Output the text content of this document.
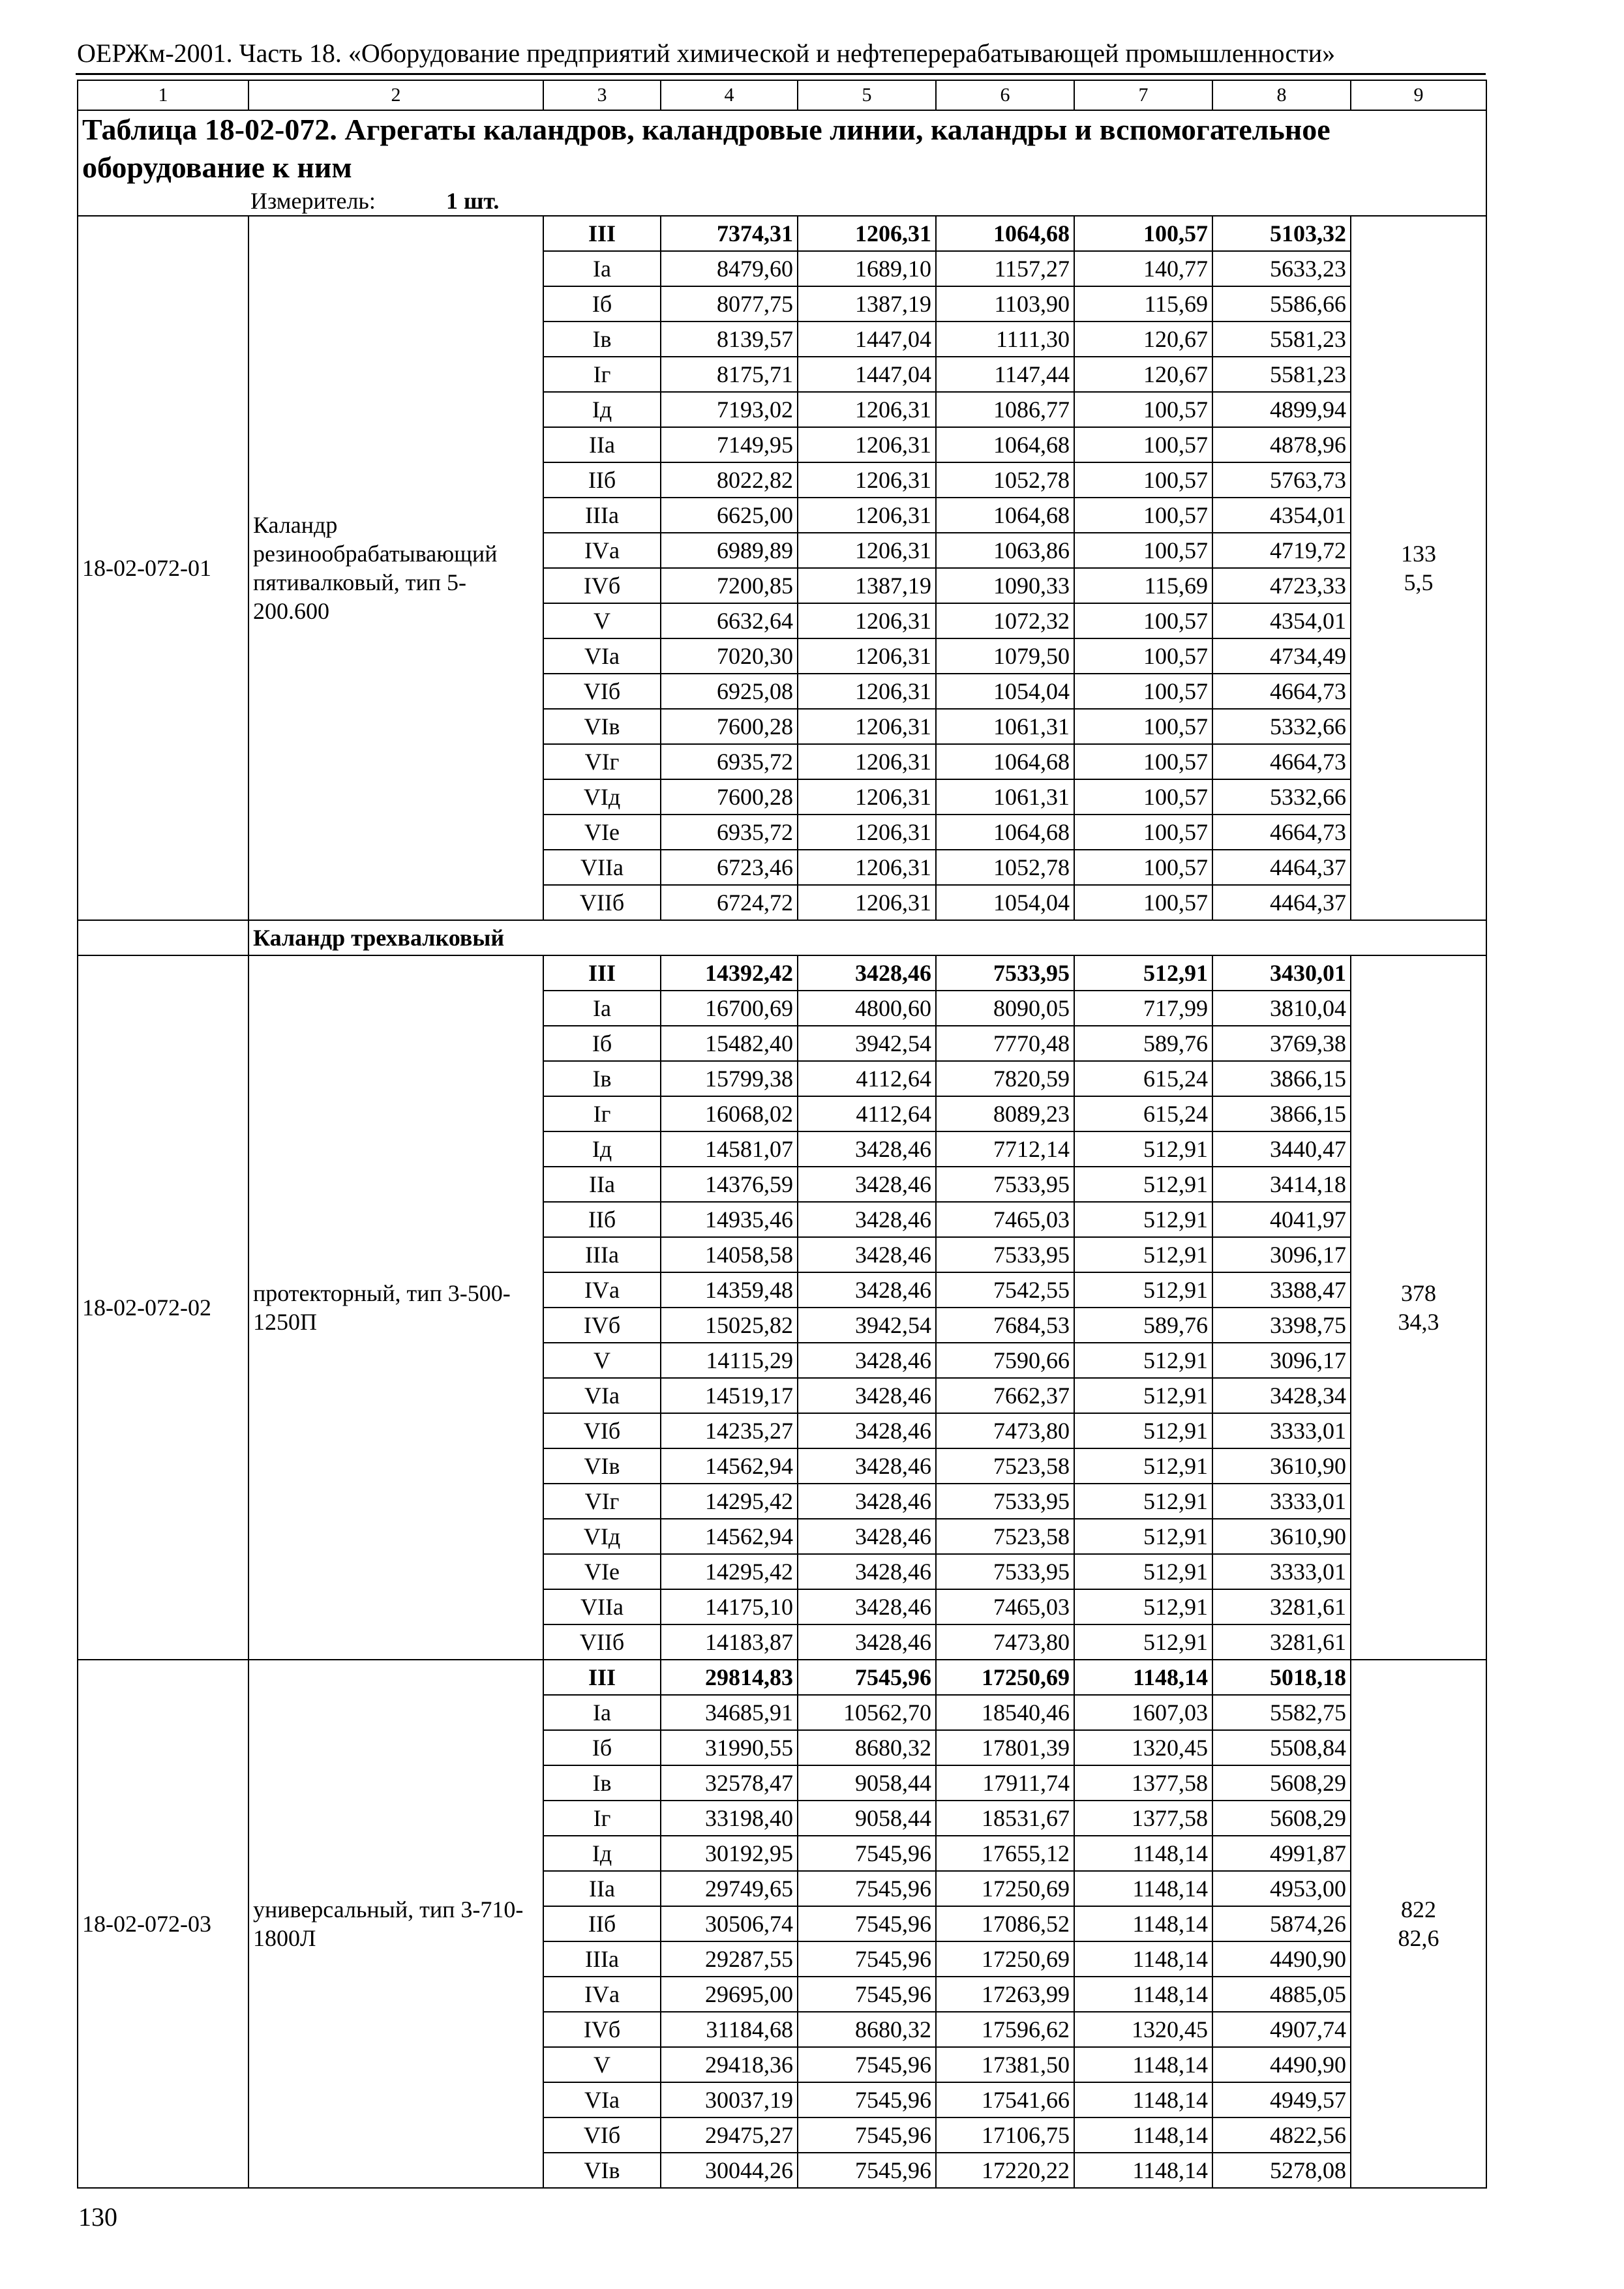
ОЕРЖм-2001. Часть 18. «Оборудование предприятий химической и нефтеперерабатывающей промышленности»
1	2	3	4	5	6	7	8	9

Таблица 18-02-072. Агрегаты каландров, каландровые линии, каландры и вспомогательное оборудование к ним
Измеритель: 1 шт.								

18-02-072-01	Каландр резинообрабатывающий пятивалковый, тип 5-200.600	III	7374,31	1206,31	1064,68	100,57	5103,32	133
5,5

		Iа	8479,60	1689,10	1157,27	140,77	5633,23	
		Iб	8077,75	1387,19	1103,90	115,69	5586,66	
		Iв	8139,57	1447,04	1111,30	120,67	5581,23	
		Iг	8175,71	1447,04	1147,44	120,67	5581,23	
		Iд	7193,02	1206,31	1086,77	100,57	4899,94	
		IIа	7149,95	1206,31	1064,68	100,57	4878,96	
		IIб	8022,82	1206,31	1052,78	100,57	5763,73	
		IIIа	6625,00	1206,31	1064,68	100,57	4354,01	
		IVа	6989,89	1206,31	1063,86	100,57	4719,72	
		IVб	7200,85	1387,19	1090,33	115,69	4723,33	
		V	6632,64	1206,31	1072,32	100,57	4354,01	
		VIа	7020,30	1206,31	1079,50	100,57	4734,49	
		VIб	6925,08	1206,31	1054,04	100,57	4664,73	
		VIв	7600,28	1206,31	1061,31	100,57	5332,66	
		VIг	6935,72	1206,31	1064,68	100,57	4664,73	
		VIд	7600,28	1206,31	1061,31	100,57	5332,66	
		VIе	6935,72	1206,31	1064,68	100,57	4664,73	
		VIIа	6723,46	1206,31	1052,78	100,57	4464,37	
		VIIб	6724,72	1206,31	1054,04	100,57	4464,37	
	Каландр трехвалковый							
18-02-072-02	протекторный, тип 3-500-1250П	III	14392,42	3428,46	7533,95	512,91	3430,01	378
34,3

		Iа	16700,69	4800,60	8090,05	717,99	3810,04	
		Iб	15482,40	3942,54	7770,48	589,76	3769,38	
		Iв	15799,38	4112,64	7820,59	615,24	3866,15	
		Iг	16068,02	4112,64	8089,23	615,24	3866,15	
		Iд	14581,07	3428,46	7712,14	512,91	3440,47	
		IIа	14376,59	3428,46	7533,95	512,91	3414,18	
		IIб	14935,46	3428,46	7465,03	512,91	4041,97	
		IIIа	14058,58	3428,46	7533,95	512,91	3096,17	
		IVа	14359,48	3428,46	7542,55	512,91	3388,47	
		IVб	15025,82	3942,54	7684,53	589,76	3398,75	
		V	14115,29	3428,46	7590,66	512,91	3096,17	
		VIа	14519,17	3428,46	7662,37	512,91	3428,34	
		VIб	14235,27	3428,46	7473,80	512,91	3333,01	
		VIв	14562,94	3428,46	7523,58	512,91	3610,90	
		VIг	14295,42	3428,46	7533,95	512,91	3333,01	
		VIд	14562,94	3428,46	7523,58	512,91	3610,90	
		VIе	14295,42	3428,46	7533,95	512,91	3333,01	
		VIIа	14175,10	3428,46	7465,03	512,91	3281,61	
		VIIб	14183,87	3428,46	7473,80	512,91	3281,61	
18-02-072-03	универсальный, тип 3-710-1800Л	III	29814,83	7545,96	17250,69	1148,14	5018,18	822
82,6

		Iа	34685,91	10562,70	18540,46	1607,03	5582,75	
		Iб	31990,55	8680,32	17801,39	1320,45	5508,84	
		Iв	32578,47	9058,44	17911,74	1377,58	5608,29	
		Iг	33198,40	9058,44	18531,67	1377,58	5608,29	
		Iд	30192,95	7545,96	17655,12	1148,14	4991,87	
		IIа	29749,65	7545,96	17250,69	1148,14	4953,00	
		IIб	30506,74	7545,96	17086,52	1148,14	5874,26	
		IIIа	29287,55	7545,96	17250,69	1148,14	4490,90	
		IVа	29695,00	7545,96	17263,99	1148,14	4885,05	
		IVб	31184,68	8680,32	17596,62	1320,45	4907,74	
		V	29418,36	7545,96	17381,50	1148,14	4490,90	
		VIа	30037,19	7545,96	17541,66	1148,14	4949,57	
		VIб	29475,27	7545,96	17106,75	1148,14	4822,56	
		VIв	30044,26	7545,96	17220,22	1148,14	5278,08	
130
